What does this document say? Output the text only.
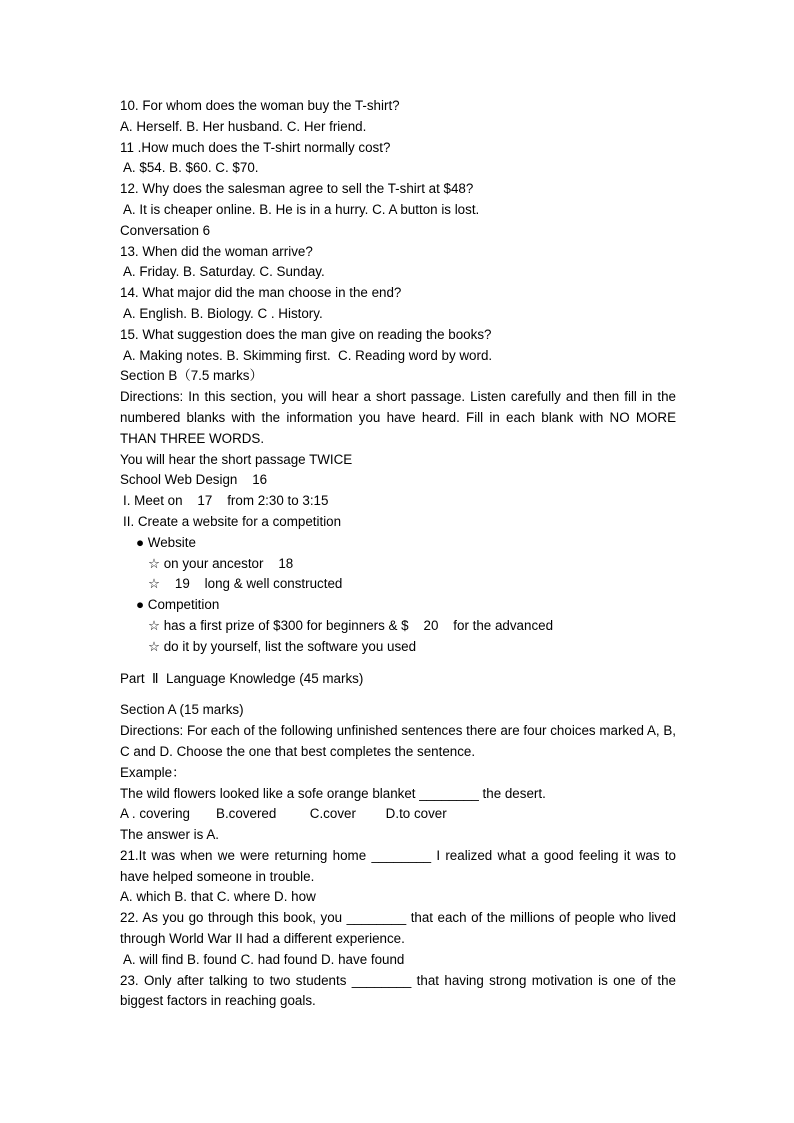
10. For whom does the woman buy the T-shirt?
A. Herself. B. Her husband. C. Her friend.
11 .How much does the T-shirt normally cost?
A. $54. B. $60. C. $70.
12. Why does the salesman agree to sell the T-shirt at $48?
A. It is cheaper online. B. He is in a hurry. C. A button is lost.
Conversation 6
13. When did the woman arrive?
A. Friday. B. Saturday. C. Sunday.
14. What major did the man choose in the end?
A. English. B. Biology. C . History.
15. What suggestion does the man give on reading the books?
A. Making notes. B. Skimming first.  C. Reading word by word.
Section B（7.5 marks）
Directions: In this section, you will hear a short passage. Listen carefully and then fill in the numbered blanks with the information you have heard. Fill in each blank with NO MORE THAN THREE WORDS.
You will hear the short passage TWICE
School Web Design    16
I. Meet on    17    from 2:30 to 3:15
II. Create a website for a competition
● Website
☆ on your ancestor    18
☆    19    long & well constructed
● Competition
☆ has a first prize of $300 for beginners & $    20    for the advanced
☆ do it by yourself, list the software you used
Part  Ⅱ  Language Knowledge (45 marks)
Section A (15 marks)
Directions: For each of the following unfinished sentences there are four choices marked A, B, C and D. Choose the one that best completes the sentence.
Example：
The wild flowers looked like a sofe orange blanket ________ the desert.
A . covering       B.covered         C.cover        D.to cover
The answer is A.
21.It was when we were returning home ________ I realized what a good feeling it was to have helped someone in trouble.
A. which B. that C. where D. how
22. As you go through this book, you ________ that each of the millions of people who lived through World War II had a different experience.
A. will find B. found C. had found D. have found
23. Only after talking to two students ________ that having strong motivation is one of the biggest factors in reaching goals.
